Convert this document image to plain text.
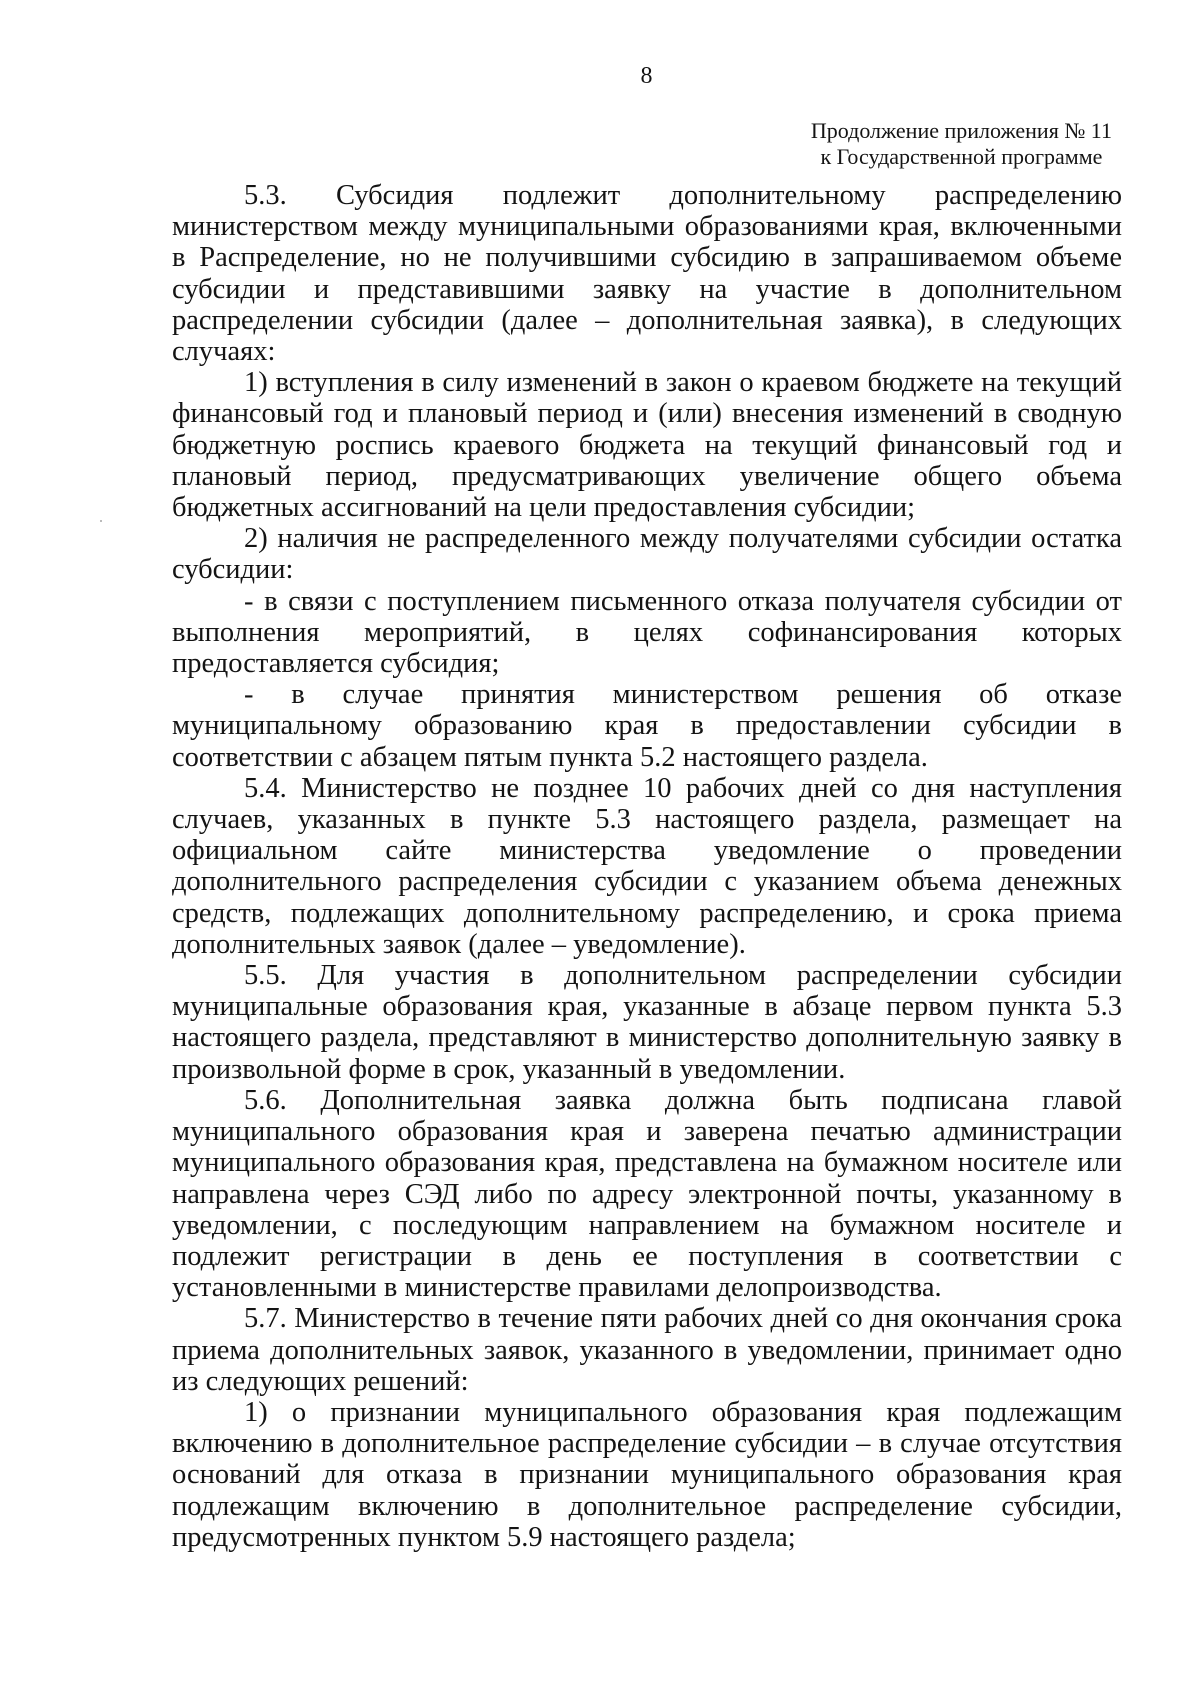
8
Продолжение приложения № 11
к Государственной программе

5.3. Субсидия подлежит дополнительному распределению министерством между муниципальными образованиями края, включенными в Распределение, но не получившими субсидию в запрашиваемом объеме субсидии и представившими заявку на участие в дополнительном распределении субсидии (далее – дополнительная заявка), в следующих случаях:

1) вступления в силу изменений в закон о краевом бюджете на текущий финансовый год и плановый период и (или) внесения изменений в сводную бюджетную роспись краевого бюджета на текущий финансовый год и плановый период, предусматривающих увеличение общего объема бюджетных ассигнований на цели предоставления субсидии;

2) наличия не распределенного между получателями субсидии остатка субсидии:

- в связи с поступлением письменного отказа получателя субсидии от выполнения мероприятий, в целях софинансирования которых предоставляется субсидия;

- в случае принятия министерством решения об отказе муниципальному образованию края в предоставлении субсидии в соответствии с абзацем пятым пункта 5.2 настоящего раздела.

5.4. Министерство не позднее 10 рабочих дней со дня наступления случаев, указанных в пункте 5.3 настоящего раздела, размещает на официальном сайте министерства уведомление о проведении дополнительного распределения субсидии с указанием объема денежных средств, подлежащих дополнительному распределению, и срока приема дополнительных заявок (далее – уведомление).

5.5. Для участия в дополнительном распределении субсидии муниципальные образования края, указанные в абзаце первом пункта 5.3 настоящего раздела, представляют в министерство дополнительную заявку в произвольной форме в срок, указанный в уведомлении.

5.6. Дополнительная заявка должна быть подписана главой муниципального образования края и заверена печатью администрации муниципального образования края, представлена на бумажном носителе или направлена через СЭД либо по адресу электронной почты, указанному в уведомлении, с последующим направлением на бумажном носителе и подлежит регистрации в день ее поступления в соответствии с установленными в министерстве правилами делопроизводства.

5.7. Министерство в течение пяти рабочих дней со дня окончания срока приема дополнительных заявок, указанного в уведомлении, принимает одно из следующих решений:

1) о признании муниципального образования края подлежащим включению в дополнительное распределение субсидии – в случае отсутствия оснований для отказа в признании муниципального образования края подлежащим включению в дополнительное распределение субсидии, предусмотренных пунктом 5.9 настоящего раздела;
